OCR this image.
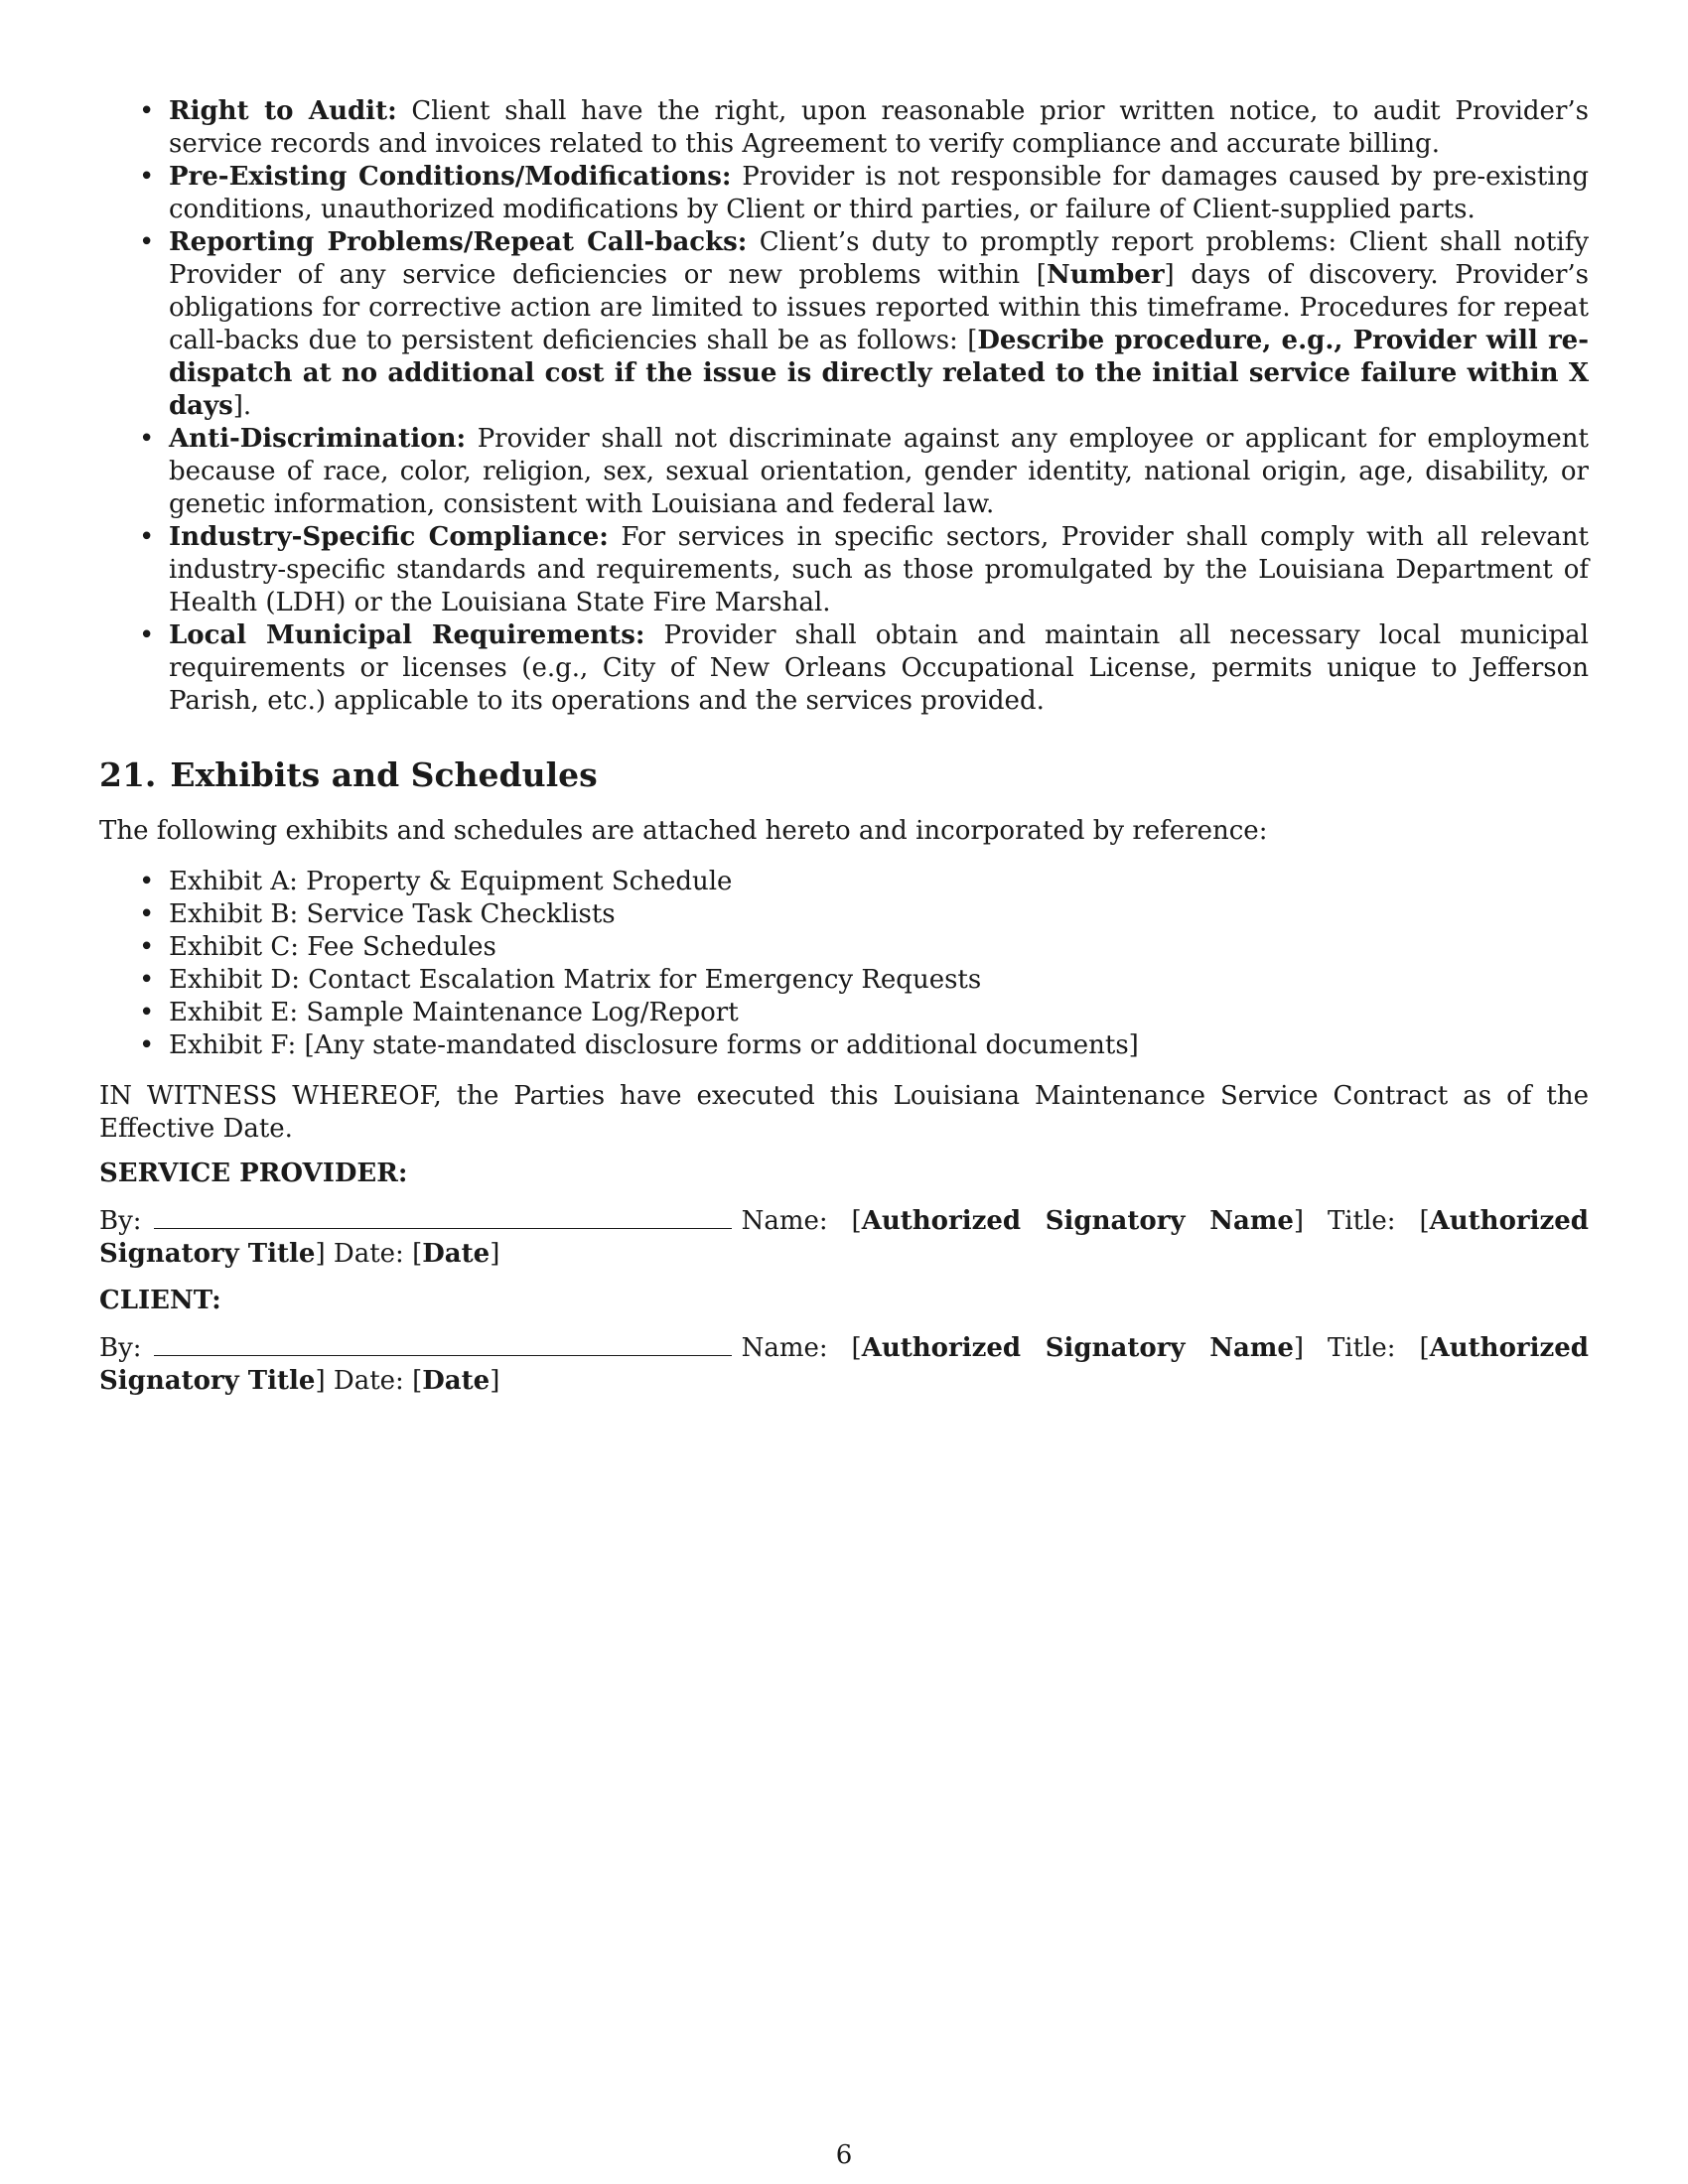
• Right to Audit: Client shall have the right, upon reasonable prior written notice, to audit Provider’s service records and invoices related to this Agreement to verify compliance and accurate billing.
• Pre-Existing Conditions/Modifications: Provider is not responsible for damages caused by pre-existing conditions, unauthorized modifications by Client or third parties, or failure of Client-supplied parts.
• Reporting Problems/Repeat Call-backs: Client’s duty to promptly report problems: Client shall notify Provider of any service deficiencies or new problems within [Number] days of discovery. Provider’s obligations for corrective action are limited to issues reported within this timeframe. Procedures for repeat call-backs due to persistent deficiencies shall be as follows: [Describe procedure, e.g., Provider will re-dispatch at no additional cost if the issue is directly related to the initial service failure within X days].
• Anti-Discrimination: Provider shall not discriminate against any employee or applicant for employment because of race, color, religion, sex, sexual orientation, gender identity, national origin, age, disability, or genetic information, consistent with Louisiana and federal law.
• Industry-Specific Compliance: For services in specific sectors, Provider shall comply with all relevant industry-specific standards and requirements, such as those promulgated by the Louisiana Department of Health (LDH) or the Louisiana State Fire Marshal.
• Local Municipal Requirements: Provider shall obtain and maintain all necessary local municipal requirements or licenses (e.g., City of New Orleans Occupational License, permits unique to Jefferson Parish, etc.) applicable to its operations and the services provided.
21. Exhibits and Schedules

The following exhibits and schedules are attached hereto and incorporated by reference:

• Exhibit A: Property & Equipment Schedule
• Exhibit B: Service Task Checklists
• Exhibit C: Fee Schedules
• Exhibit D: Contact Escalation Matrix for Emergency Requests
• Exhibit E: Sample Maintenance Log/Report
• Exhibit F: [Any state-mandated disclosure forms or additional documents]

IN WITNESS WHEREOF, the Parties have executed this Louisiana Maintenance Service Contract as of the Effective Date.

SERVICE PROVIDER:

By:	Name: [Authorized Signatory Name] Title: [Authorized Signatory Title] Date: [Date]

CLIENT:

By:	Name: [Authorized Signatory Name] Title: [Authorized Signatory Title] Date: [Date]

6
